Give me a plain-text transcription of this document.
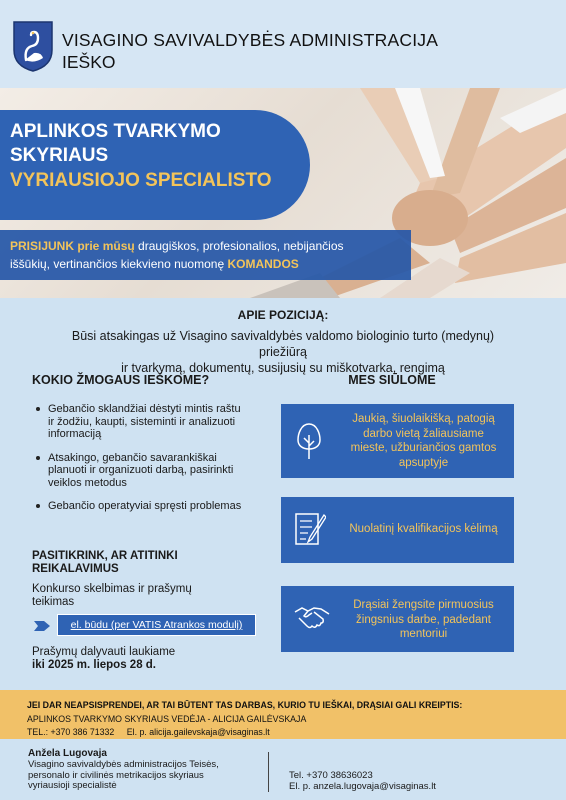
VISAGINO SAVIVALDYBĖS ADMINISTRACIJA
IEŠKO
APLINKOS TVARKYMO
SKYRIAUS
VYRIAUSIOJO SPECIALISTO
PRISIJUNK prie mūsų draugiškos, profesionalios, nebijančios
iššūkių, vertinančios kiekvieno nuomonę KOMANDOS
APIE POZICIJĄ:
Būsi atsakingas už Visagino savivaldybės valdomo biologinio turto (medynų) priežiūrą
ir tvarkymą, dokumentų, susijusių su miškotvarka, rengimą
KOKIO ŽMOGAUS IEŠKOME?
Gebančio sklandžiai dėstyti mintis raštu ir žodžiu, kaupti, sisteminti ir analizuoti informaciją
Atsakingo, gebančio savarankiškai planuoti ir organizuoti darbą, pasirinkti veiklos metodus
Gebančio operatyviai spręsti problemas
PASITIKRINK, AR ATITINKI
REIKALAVIMUS
Konkurso skelbimas ir prašymų
teikimas
el. būdu (per VATIS Atrankos modulį)
Prašymų dalyvauti laukiame
iki 2025 m. liepos 28 d.
MES SIŪLOME
Jaukią, šiuolaikišką, patogią
darbo vietą žaliausiame
mieste, užburiančios gamtos
apsuptyje
Nuolatinį kvalifikacijos kėlimą
Drąsiai žengsite pirmuosius
žingsnius darbe, padedant
mentoriui
JEI DAR NEAPSISPRENDEI, AR TAI BŪTENT TAS DARBAS, KURIO TU IEŠKAI, DRĄSIAI GALI KREIPTIS:
APLINKOS TVARKYMO SKYRIAUS VEDĖJA - ALICIJA GAILĖVSKAJA
TEL.: +370 386 71332 El. p. alicija.gailevskaja@visaginas.lt
Anžela Lugovaja
Visagino savivaldybės administracijos Teisės,
personalo ir civilinės metrikacijos skyriaus
vyriausioji specialistė
Tel. +370 38636023
El. p. anzela.lugovaja@visaginas.lt
